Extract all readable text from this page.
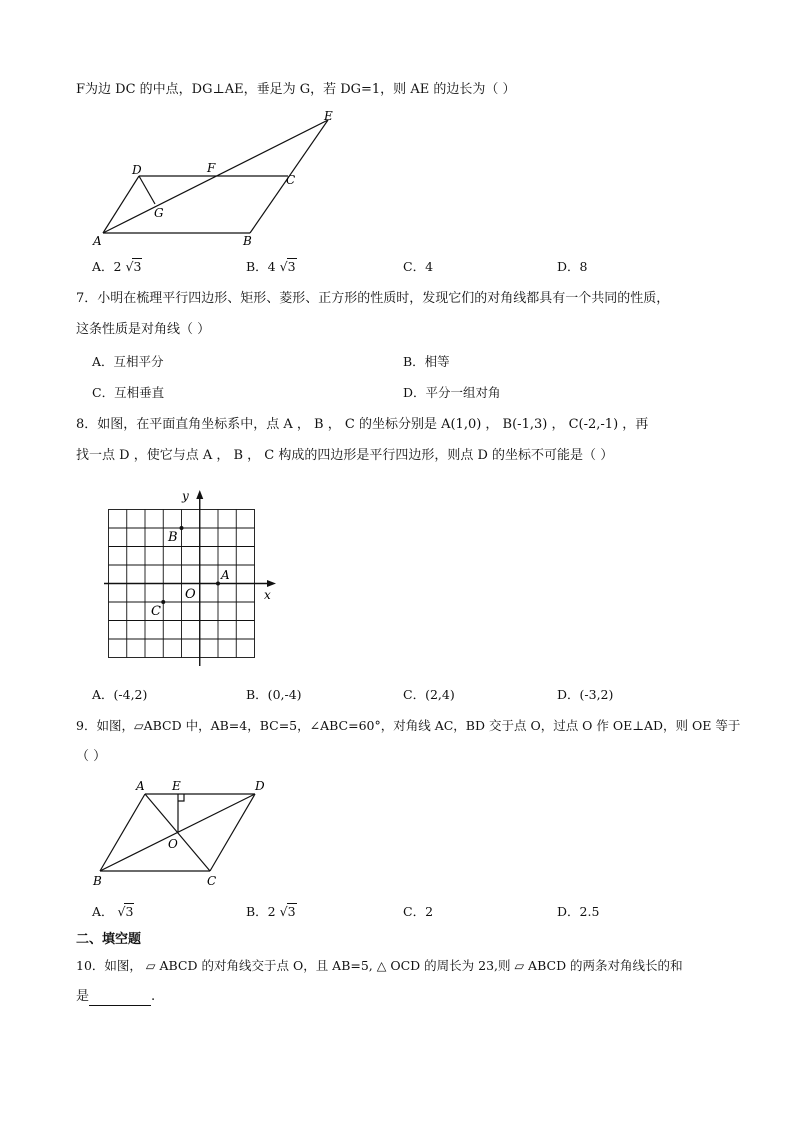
F为边 DC 的中点，DG⊥AE，垂足为 G，若 DG=1，则 AE 的边长为（ ）
A	B
C
D
E
F
G
A．2 √3	B．4 √3	C．4	D．8
7．小明在梳理平行四边形、矩形、菱形、正方形的性质时，发现它们的对角线都具有一个共同的性质，
这条性质是对角线（ ）
A．互相平分	B．相等
C．互相垂直	D．平分一组对角
8．如图，在平面直角坐标系中，点 A ， B ， C 的坐标分别是 A(1,0) ， B(-1,3) ， C(-2,-1) ，再
找一点 D ，使它与点 A ， B ， C 构成的四边形是平行四边形，则点 D 的坐标不可能是（ ）
x
y
O
A
B
C
A．(-4,2)	B．(0,-4)	C．(2,4)	D．(-3,2)
9．如图，▱ABCD 中，AB=4，BC=5，∠ABC=60°，对角线 AC，BD 交于点 O，过点 O 作 OE⊥AD，则 OE 等于
（ ）
A
B	C
D
E
O
A． √3	B．2 √3	C．2	D．2.5
二、填空题
10．如图， ▱ ABCD 的对角线交于点 O，且 AB=5, △ OCD 的周长为 23,则 ▱ ABCD 的两条对角线长的和
是	.
